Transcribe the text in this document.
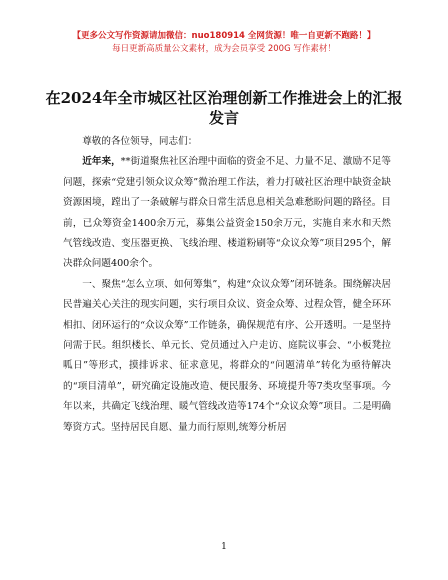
【更多公文写作资源请加微信：nuo180914 全网货源！唯一自更新不跑路！】
每日更新高质量公文素材，成为会员享受 200G 写作素材！
在2024年全市城区社区治理创新工作推进会上的汇报发言

尊敬的各位领导，同志们：

近年来，**街道聚焦社区治理中面临的资金不足、力量不足、激励不足等问题，探索“党建引领众议众筹”微治理工作法，着力打破社区治理中缺资金缺资源困境，蹚出了一条破解与群众日常生活息息相关急难愁盼问题的路径。目前，已众筹资金1400余万元，募集公益资金150余万元，实施自来水和天然气管线改造、变压器更换、飞线治理、楼道粉刷等“众议众筹”项目295个，解决群众问题400余个。

一、聚焦“怎么立项、如何筹集”，构建“众议众筹”闭环链条。围绕解决居民普遍关心关注的现实问题，实行项目众议、资金众筹、过程众管，健全环环相扣、闭环运行的“众议众筹”工作链条，确保规范有序、公开透明。一是坚持问需于民。组织楼长、单元长、党员通过入户走访、庭院议事会、“小板凳拉呱日”等形式，摸排诉求、征求意见，将群众的“问题清单”转化为亟待解决的“项目清单”，研究确定设施改造、便民服务、环境提升等7类攻坚事项。今年以来，共确定飞线治理、暖气管线改造等174个“众议众筹”项目。二是明确筹资方式。坚持居民自愿、量力而行原则,统筹分析居

1
